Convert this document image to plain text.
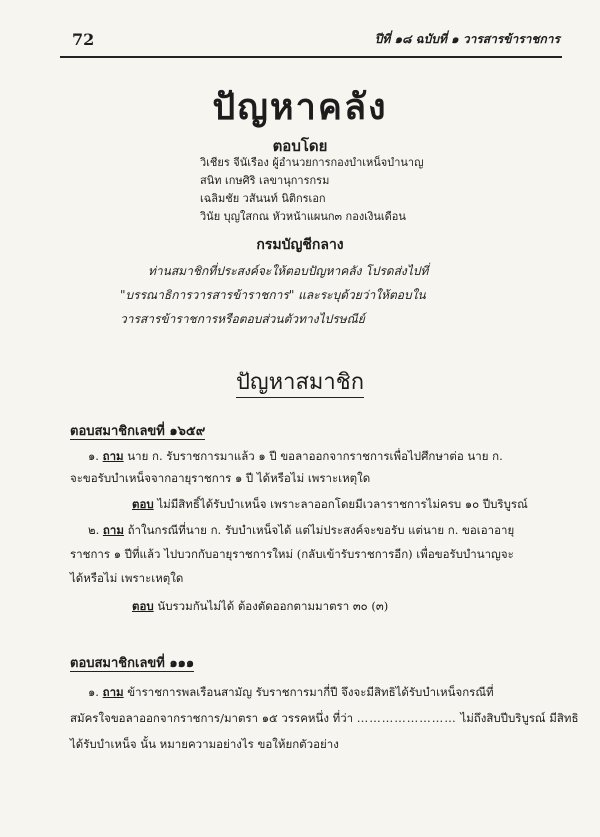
72	ปีที่ ๑๘ ฉบับที่ ๑ วารสารข้าราชการ
ปัญหาคลัง
ตอบโดย
วิเชียร จีนัเรือง ผู้อำนวยการกองบำเหน็จบำนาญ
สนิท เกษศิริ เลขานุการกรม
เฉลิมชัย วสันนท์ นิติกรเอก
วินัย บุญใสกณ หัวหน้าแผนก๓ กองเงินเดือน
กรมบัญชีกลาง
ท่านสมาชิกที่ประสงค์จะให้ตอบปัญหาคลัง โปรดส่งไปที่
"บรรณาธิการวารสารข้าราชการ" และระบุด้วยว่าให้ตอบใน
วารสารข้าราชการหรือตอบส่วนตัวทางไปรษณีย์
ปัญหาสมาชิก
ตอบสมาชิกเลขที่ ๑๖๕๙
๑. ถาม นาย ก. รับราชการมาแล้ว ๑ ปี ขอลาออกจากราชการเพื่อไปศึกษาต่อ นาย ก.
จะขอรับบำเหน็จจากอายุราชการ ๑ ปี ได้หรือไม่ เพราะเหตุใด
ตอบ ไม่มีสิทธิ์ได้รับบำเหน็จ เพราะลาออกโดยมีเวลาราชการไม่ครบ ๑๐ ปีบริบูรณ์
๒. ถาม ถ้าในกรณีที่นาย ก. รับบำเหน็จได้ แต่ไม่ประสงค์จะขอรับ แต่นาย ก. ขอเอาอายุ
ราชการ ๑ ปีที่แล้ว ไปบวกกับอายุราชการใหม่ (กลับเข้ารับราชการอีก) เพื่อขอรับบำนาญจะ
ได้หรือไม่ เพราะเหตุใด
ตอบ นับรวมกันไม่ได้ ต้องตัดออกตามมาตรา ๓๐ (๓)
ตอบสมาชิกเลขที่ ๑๑๑
๑. ถาม ข้าราชการพลเรือนสามัญ รับราชการมากี่ปี จึงจะมีสิทธิได้รับบำเหน็จกรณีที่
สมัครใจขอลาออกจากราชการ/มาตรา ๑๕ วรรคหนึ่ง ที่ว่า …………………… ไม่ถึงสิบปีบริบูรณ์ มีสิทธิ
ได้รับบำเหน็จ นั้น หมายความอย่างไร ขอให้ยกตัวอย่าง
